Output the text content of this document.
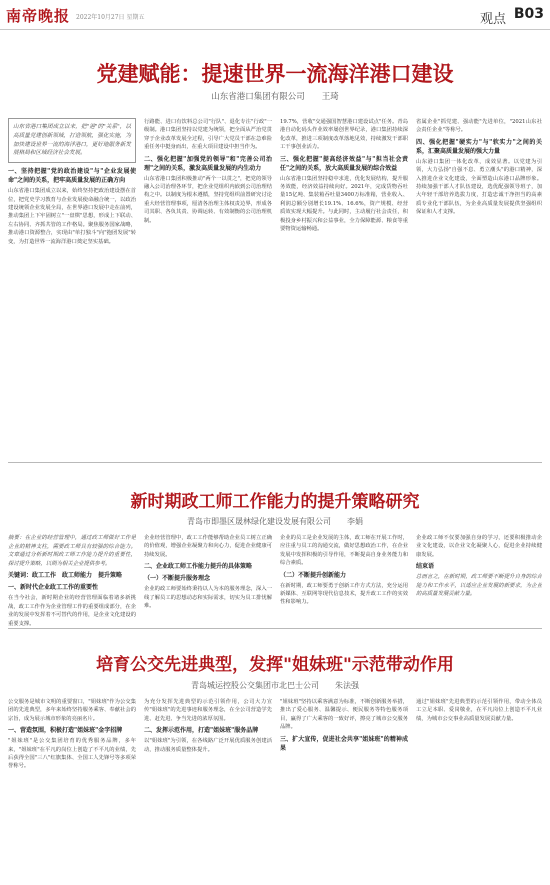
南帝晚报 2022年10月27日 星期五	观点 B03
党建赋能：提速世界一流海洋港口建设
山东省港口集团有限公司　　王琦
山东省港口集团成立以来，把"港"的"关系"，以高质量党建创新领域，打造领航，强化实施，为加快建设世界一流的海洋港口，更好地服务新发展格局和区域经济社会发展。
一、坚持把握"党的政治建设"与"企业发展使命"之间的关系，把牢高质量发展的正确方向
山东省港口集团成立以来，始终坚持把政治建设摆在首位，把党史学习教育与企业发展使命融合统一，以政治建设统领企业发展全局，在世界港口发展中走在前列，推动集团上下牢固树立"一盘棋"思想，形成上下联动、左右协同、齐抓共管的工作格局。聚焦服务国家战略，推动港口资源整合，实现由"单打独斗"向"抱团发展"转变，为打造世界一流海洋港口奠定坚实基础。
行路能、进口有饮料总公司"行队"、退化专注"行政"一级制。港口集团坚持以党建为统领，把全面从严治党贯穿于企业改革发展全过程，引导广大党员干部在急难险重任务中挺身而出，在重大项目建设中担当作为。
二、强化把握"加强党的领导"和"完善公司治理"之间的关系，激发高质量发展的内生动力
山东省港口集团积极推动"两个一以贯之"，把党的领导融入公司治理各环节，把企业党组织内嵌到公司治理结构之中。以制度为根本遵循，坚持党组织前置研究讨论重大经营管理事项，厘清各治理主体权责边界，形成各司其职、各负其责、协调运转、有效制衡的公司治理机制。
19.7%，营收"交通强国智慧港口建设试点"任务。青岛港自动化码头作业效率屡创世界纪录，港口集团持续深化改革，推进三项制度改革落地见效，持续激发干部职工干事创业活力。
三、强化把握"提高经济效益"与"担当社会责任"之间的关系，放大高质量发展的综合效益
山东省港口集团坚持稳中求进，优化发展结构，提升服务效能，经济效益持续向好。2021年，完成货物吞吐量15亿吨、集装箱吞吐量3400万标准箱，营业收入、利润总额分别增长19.1%、16.6%，资产规模、经营质效实现大幅提升。与此同时，主动履行社会责任，积极投身乡村振兴和公益事业，全力保障能源、粮食等重要物资运输畅通。
省属企业"抓党建、强动能"先进单位，"2021山东社会责任企业"等称号。
四、强化把握"硬实力"与"软实力"之间的关系，汇聚高质量发展的强大力量
山东港口集团一体化改革，成效显著。以党建为引领，大力弘扬"自强不息、勇立潮头"的港口精神，深入推进企业文化建设，全面塑造山东港口品牌形象。持续加强干部人才队伍建设，选优配强领导班子，加大年轻干部培养选拔力度，打造忠诚干净担当的高素质专业化干部队伍，为企业高质量发展提供坚强组织保证和人才支撑。
新时期政工师工作能力的提升策略研究
青岛市即墨区晟林绿化建设发展有限公司　　李娟
摘要：在企业的经营管理中，通过政工师做好工作是企业的精神支柱，需要政工师具有较强的综合能力。文章通过分析新时期政工师工作能力提升的重要性，探讨提升策略，以期为相关企业提供参考。
关键词：政工工作　政工师能力　提升策略
一、新时代企业政工工作的重要性
在当今社会，新时期企业的经营管理面临着诸多新挑战，政工工作作为企业管理工作的重要组成部分，在企业的发展中发挥着不可替代的作用，是企业文化建设的重要支撑。
企业经营管理中，政工工作能够帮助企业员工树立正确的价值观，增强企业凝聚力和向心力，促进企业健康可持续发展。
二、企业政工师工作能力提升的具体策略
（一）不断提升服务理念
企业的政工师要始终秉持以人为本的服务理念，深入一线了解员工的思想动态和实际需求，切实为员工排忧解难。
企业的员工是企业发展的主体，政工师在开展工作时，应注重与员工的沟通交流，做好思想政治工作，在企业发展中发挥积极的引导作用，不断提高自身业务能力和综合素质。
（二）不断提升创新能力
在新时期，政工师要勇于创新工作方式方法，充分运用新媒体、互联网等现代信息技术，提升政工工作的实效性和影响力。
企业政工师不仅要加强自身的学习，还要积极推动企业文化建设，以企业文化凝聚人心，促进企业持续健康发展。
结束语
总而言之，在新时期，政工师要不断提升自身的综合能力和工作水平，以适应企业发展的新要求，为企业的高质量发展贡献力量。
培育公交先进典型，发挥"姐妹班"示范带动作用
青岛城运控股公交集团市北巴士公司　　朱法强
公交服务是城市文明的重要窗口，"姐妹班"作为公交集团的先进典型，多年来始终坚持服务乘客、奉献社会的宗旨，成为展示城市形象的亮丽名片。
一、营造氛围，积极打造"姐妹班"金字招牌
"姐妹班"是公交集团培育的优秀服务品牌，多年来，"姐妹班"在平凡的岗位上创造了不平凡的业绩，先后获得全国"三八"红旗集体、全国工人先锋号等多项荣誉称号。
为充分发挥先进典型的示范引领作用，公司大力宣传"姐妹班"的先进事迹和服务理念，在全公司营造学先进、赶先进、争当先进的浓厚氛围。
二、发挥示范作用，打造"姐妹班"服务品牌
以"姐妹班"为引领，在各线路广泛开展优质服务创建活动，推动服务质量整体提升。
"姐妹班"坚持以乘客满意为标准，不断创新服务举措，推出了爱心服务、温馨提示、便民服务等特色服务项目，赢得了广大乘客的一致好评，擦亮了城市公交服务品牌。
三、扩大宣传，促进社会共享"姐妹班"的精神成果
通过"姐妹班"先进典型的示范引领作用，带动全体员工立足本职、爱岗敬业，在平凡岗位上创造不平凡业绩，为城市公交事业高质量发展贡献力量。
